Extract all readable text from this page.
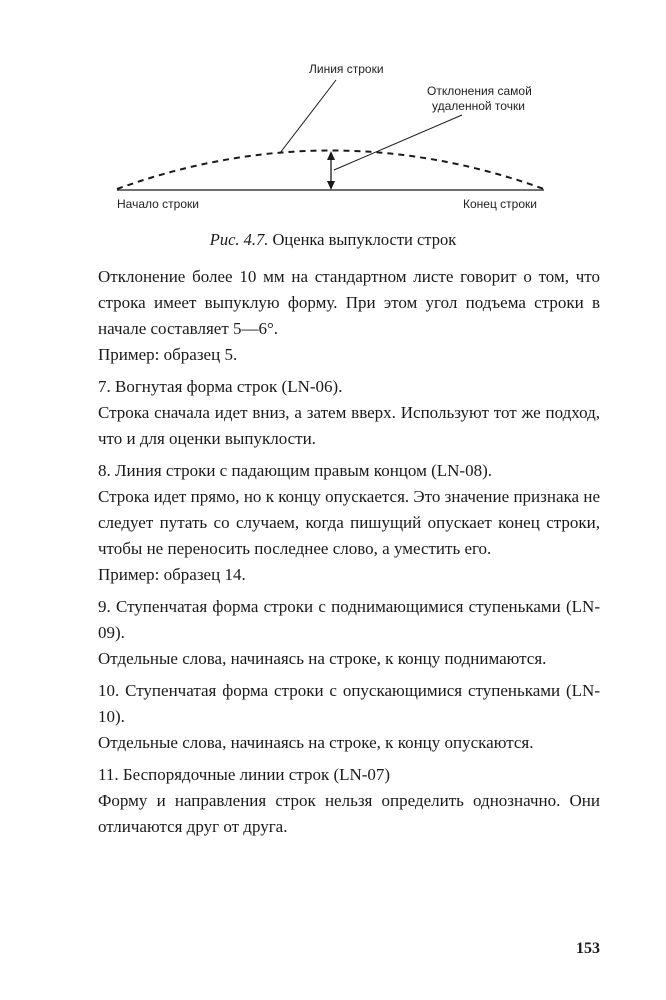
Линия строки
Отклонения самой
удаленной точки
Начало строки	Конец строки
Рис. 4.7. Оценка выпуклости строк

Отклонение более 10 мм на стандартном листе говорит о том, что строка имеет выпуклую форму. При этом угол подъема строки в начале составляет 5—6°.

Пример: образец 5.

7. Вогнутая форма строк (LN-06).

Строка сначала идет вниз, а затем вверх. Используют тот же подход, что и для оценки выпуклости.

8. Линия строки с падающим правым концом (LN-08).

Строка идет прямо, но к концу опускается. Это значение признака не следует путать со случаем, когда пишущий опускает конец строки, чтобы не переносить последнее слово, а уместить его.

Пример: образец 14.

9. Ступенчатая форма строки с поднимающимися ступеньками (LN-09).

Отдельные слова, начинаясь на строке, к концу поднимаются.

10. Ступенчатая форма строки с опускающимися ступеньками (LN-10).

Отдельные слова, начинаясь на строке, к концу опускаются.

11. Беспорядочные линии строк (LN-07)

Форму и направления строк нельзя определить однозначно. Они отличаются друг от друга.

153
